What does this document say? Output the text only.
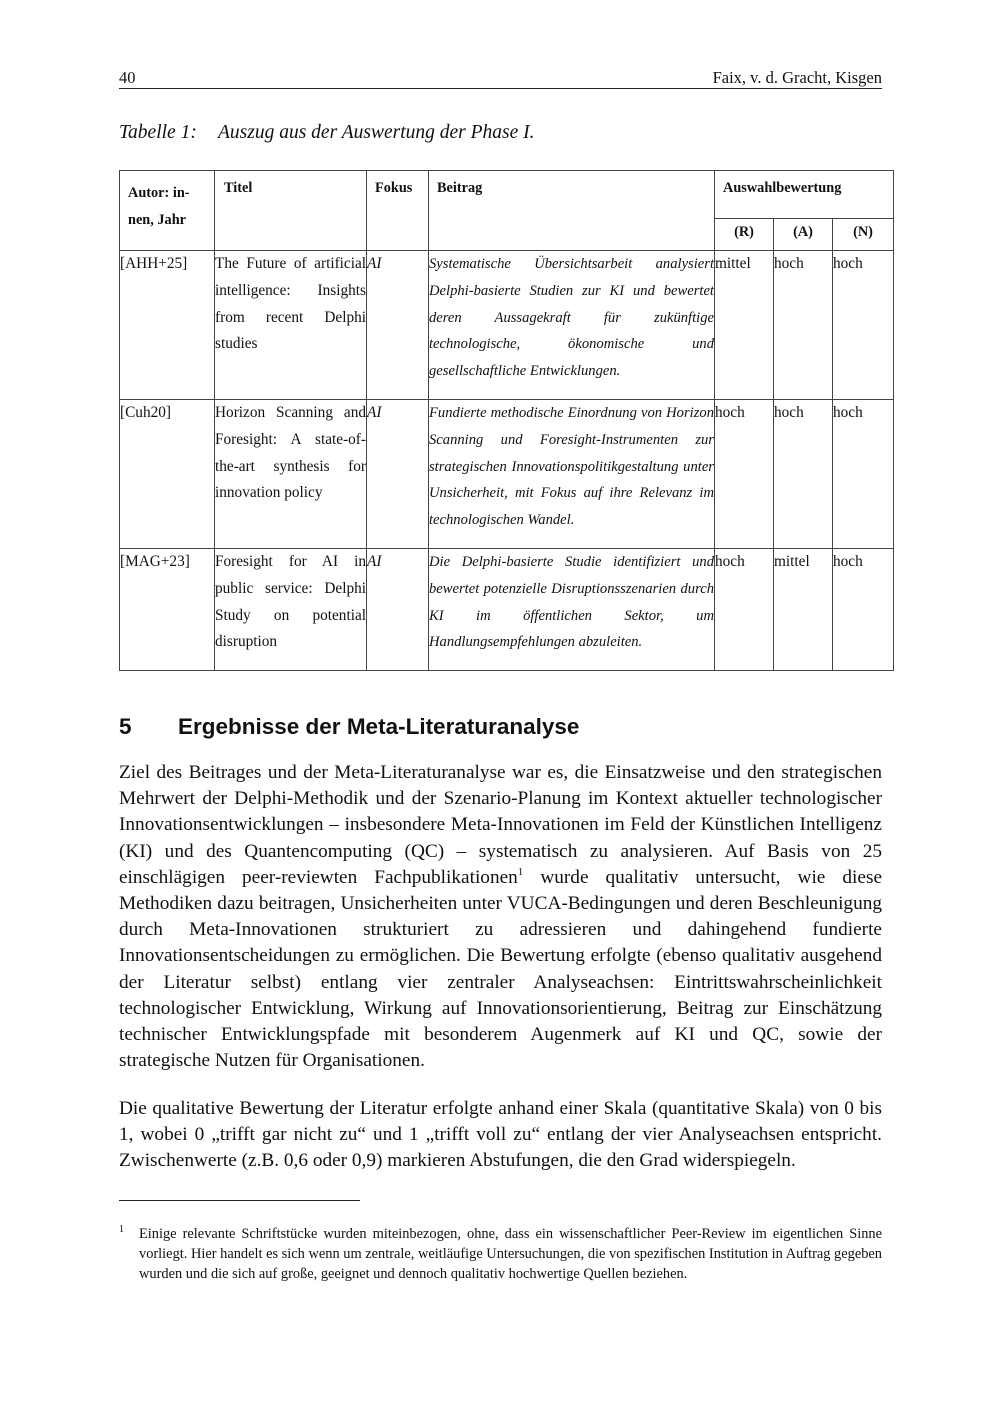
40	Faix, v. d. Gracht, Kisgen
Tabelle 1: Auszug aus der Auswertung der Phase I.
Autor: in-nen, Jahr	Titel	Fokus	Beitrag	Auswahlbewertung		
				(R)	(A)	(N)
[AHH+25]	The Future of artificial intelligence: Insights from recent Delphi studies	AI	Systematische Übersichtsarbeit analysiert Delphi-basierte Studien zur KI und bewertet deren Aussagekraft für zukünftige technologische, ökonomische und gesellschaftliche Entwicklungen.	mittel	hoch	hoch
[Cuh20]	Horizon Scanning and Foresight: A state-of-the-art synthesis for innovation policy	AI	Fundierte methodische Einordnung von Horizon Scanning und Foresight-Instrumenten zur strategischen Innovationspolitikgestaltung unter Unsicherheit, mit Fokus auf ihre Relevanz im technologischen Wandel.	hoch	hoch	hoch
[MAG+23]	Foresight for AI in public service: Delphi Study on potential disruption	AI	Die Delphi-basierte Studie identifiziert und bewertet potenzielle Disruptionsszenarien durch KI im öffentlichen Sektor, um Handlungsempfehlungen abzuleiten.	hoch	mittel	hoch
5 Ergebnisse der Meta-Literaturanalyse
Ziel des Beitrages und der Meta-Literaturanalyse war es, die Einsatzweise und den strategischen Mehrwert der Delphi-Methodik und der Szenario-Planung im Kontext aktueller technologischer Innovationsentwicklungen – insbesondere Meta-Innovationen im Feld der Künstlichen Intelligenz (KI) und des Quantencomputing (QC) – systematisch zu analysieren. Auf Basis von 25 einschlägigen peer-reviewten Fachpublikationen$^1$ wurde qualitativ untersucht, wie diese Methodiken dazu beitragen, Unsicherheiten unter VUCA-Bedingungen und deren Beschleunigung durch Meta-Innovationen strukturiert zu adressieren und dahingehend fundierte Innovationsentscheidungen zu ermöglichen. Die Bewertung erfolgte (ebenso qualitativ ausgehend der Literatur selbst) entlang vier zentraler Analyseachsen: Eintrittswahrscheinlichkeit technologischer Entwicklung, Wirkung auf Innovationsorientierung, Beitrag zur Einschätzung technischer Entwicklungspfade mit besonderem Augenmerk auf KI und QC, sowie der strategische Nutzen für Organisationen.
Die qualitative Bewertung der Literatur erfolgte anhand einer Skala (quantitative Skala) von 0 bis 1, wobei 0 „trifft gar nicht zu“ und 1 „trifft voll zu“ entlang der vier Analyseachsen entspricht. Zwischenwerte (z.B. 0,6 oder 0,9) markieren Abstufungen, die den Grad widerspiegeln.
1 Einige relevante Schriftstücke wurden miteinbezogen, ohne, dass ein wissenschaftlicher Peer-Review im eigentlichen Sinne vorliegt. Hier handelt es sich wenn um zentrale, weitläufige Untersuchungen, die von spezifischen Institution in Auftrag gegeben wurden und die sich auf große, geeignet und dennoch qualitativ hochwertige Quellen beziehen.
